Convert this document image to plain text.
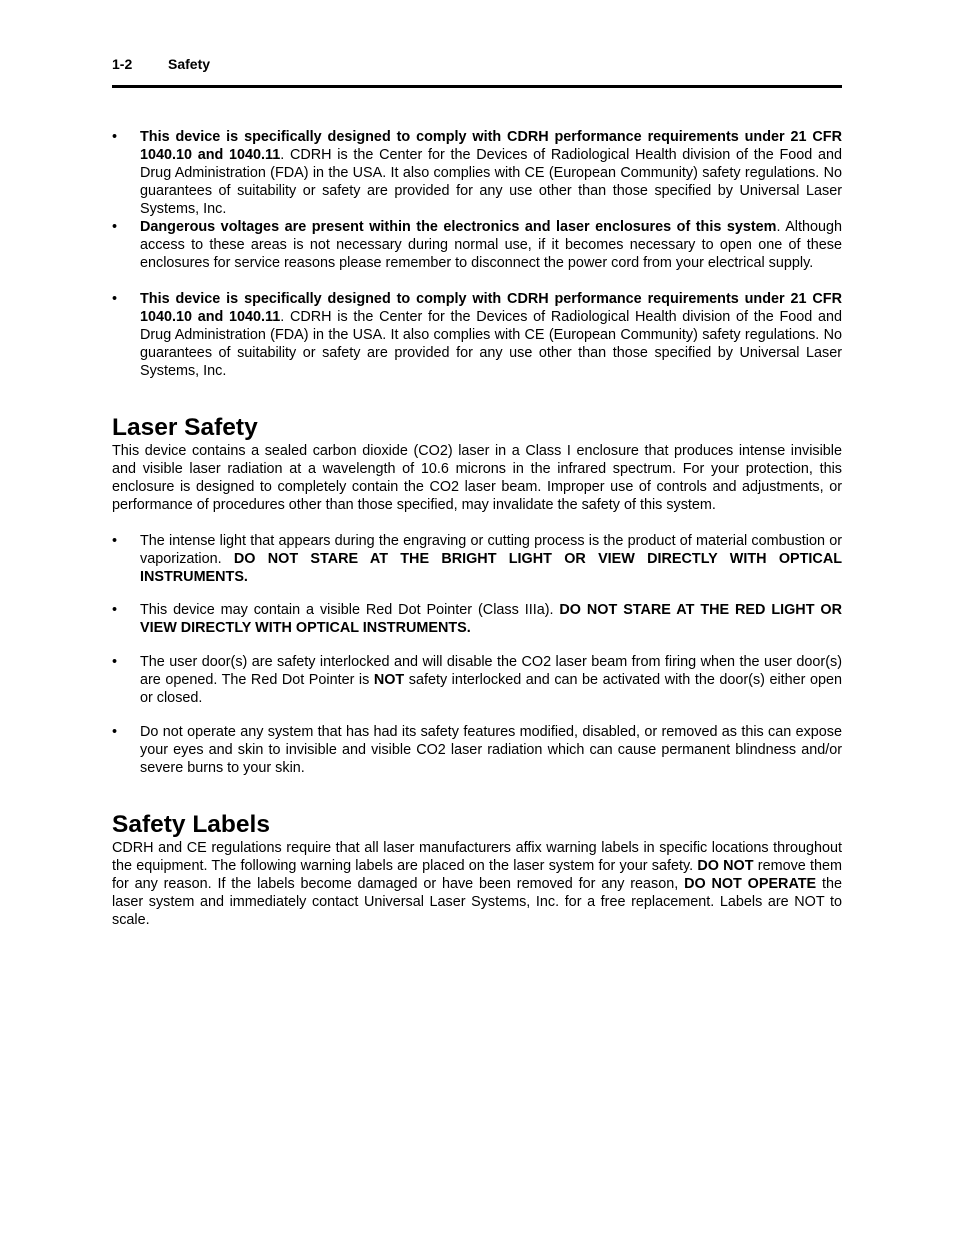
1-2	Safety
•	This device is specifically designed to comply with CDRH performance requirements under 21 CFR 1040.10 and 1040.11. CDRH is the Center for the Devices of Radiological Health division of the Food and Drug Administration (FDA) in the USA. It also complies with CE (European Community) safety regulations. No guarantees of suitability or safety are provided for any use other than those specified by Universal Laser Systems, Inc.
•	Dangerous voltages are present within the electronics and laser enclosures of this system. Although access to these areas is not necessary during normal use, if it becomes necessary to open one of these enclosures for service reasons please remember to disconnect the power cord from your electrical supply.
•	This device is specifically designed to comply with CDRH performance requirements under 21 CFR 1040.10 and 1040.11. CDRH is the Center for the Devices of Radiological Health division of the Food and Drug Administration (FDA) in the USA. It also complies with CE (European Community) safety regulations. No guarantees of suitability or safety are provided for any use other than those specified by Universal Laser Systems, Inc.
Laser Safety

This device contains a sealed carbon dioxide (CO2) laser in a Class I enclosure that produces intense invisible and visible laser radiation at a wavelength of 10.6 microns in the infrared spectrum. For your protection, this enclosure is designed to completely contain the CO2 laser beam. Improper use of controls and adjustments, or performance of procedures other than those specified, may invalidate the safety of this system.

•	The intense light that appears during the engraving or cutting process is the product of material combustion or vaporization. DO NOT STARE AT THE BRIGHT LIGHT OR VIEW DIRECTLY WITH OPTICAL INSTRUMENTS.
•	This device may contain a visible Red Dot Pointer (Class IIIa). DO NOT STARE AT THE RED LIGHT OR VIEW DIRECTLY WITH OPTICAL INSTRUMENTS.
•	The user door(s) are safety interlocked and will disable the CO2 laser beam from firing when the user door(s) are opened. The Red Dot Pointer is NOT safety interlocked and can be activated with the door(s) either open or closed.
•	Do not operate any system that has had its safety features modified, disabled, or removed as this can expose your eyes and skin to invisible and visible CO2 laser radiation which can cause permanent blindness and/or severe burns to your skin.
Safety Labels

CDRH and CE regulations require that all laser manufacturers affix warning labels in specific locations throughout the equipment. The following warning labels are placed on the laser system for your safety. DO NOT remove them for any reason. If the labels become damaged or have been removed for any reason, DO NOT OPERATE the laser system and immediately contact Universal Laser Systems, Inc. for a free replacement. Labels are NOT to scale.
